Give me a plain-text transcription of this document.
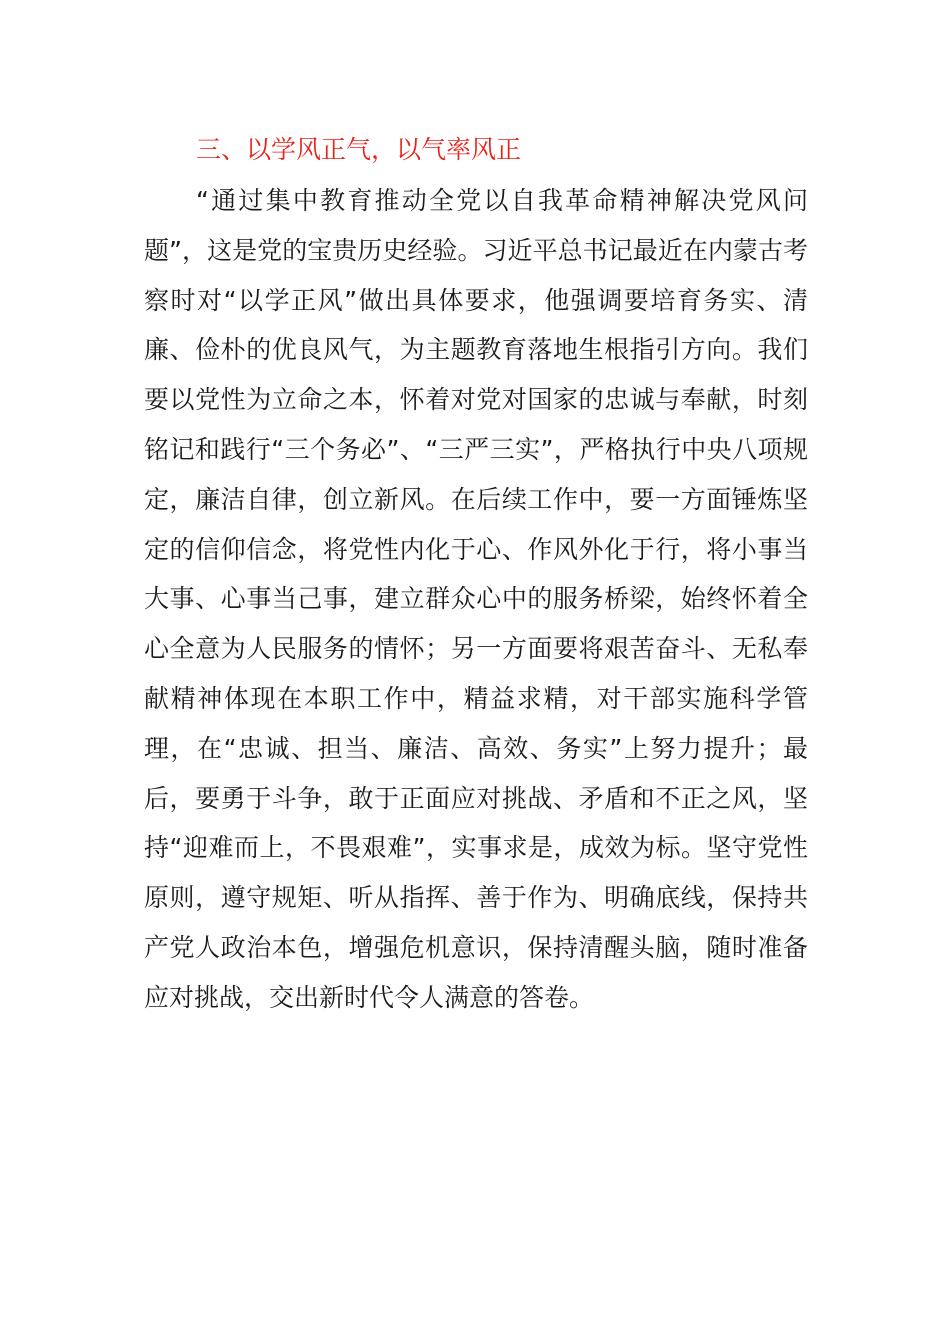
三、以学风正气，以气率风正

“通过集中教育推动全党以自我革命精神解决党风问题”，这是党的宝贵历史经验。习近平总书记最近在内蒙古考察时对“以学正风”做出具体要求，他强调要培育务实、清廉、俭朴的优良风气，为主题教育落地生根指引方向。我们要以党性为立命之本，怀着对党对国家的忠诚与奉献，时刻铭记和践行“三个务必”、“三严三实”，严格执行中央八项规定，廉洁自律，创立新风。在后续工作中，要一方面锤炼坚定的信仰信念，将党性内化于心、作风外化于行，将小事当大事、心事当己事，建立群众心中的服务桥梁，始终怀着全心全意为人民服务的情怀；另一方面要将艰苦奋斗、无私奉献精神体现在本职工作中，精益求精，对干部实施科学管理，在“忠诚、担当、廉洁、高效、务实”上努力提升；最后，要勇于斗争，敢于正面应对挑战、矛盾和不正之风，坚持“迎难而上，不畏艰难”，实事求是，成效为标。坚守党性原则，遵守规矩、听从指挥、善于作为、明确底线，保持共产党人政治本色，增强危机意识，保持清醒头脑，随时准备应对挑战，交出新时代令人满意的答卷。
